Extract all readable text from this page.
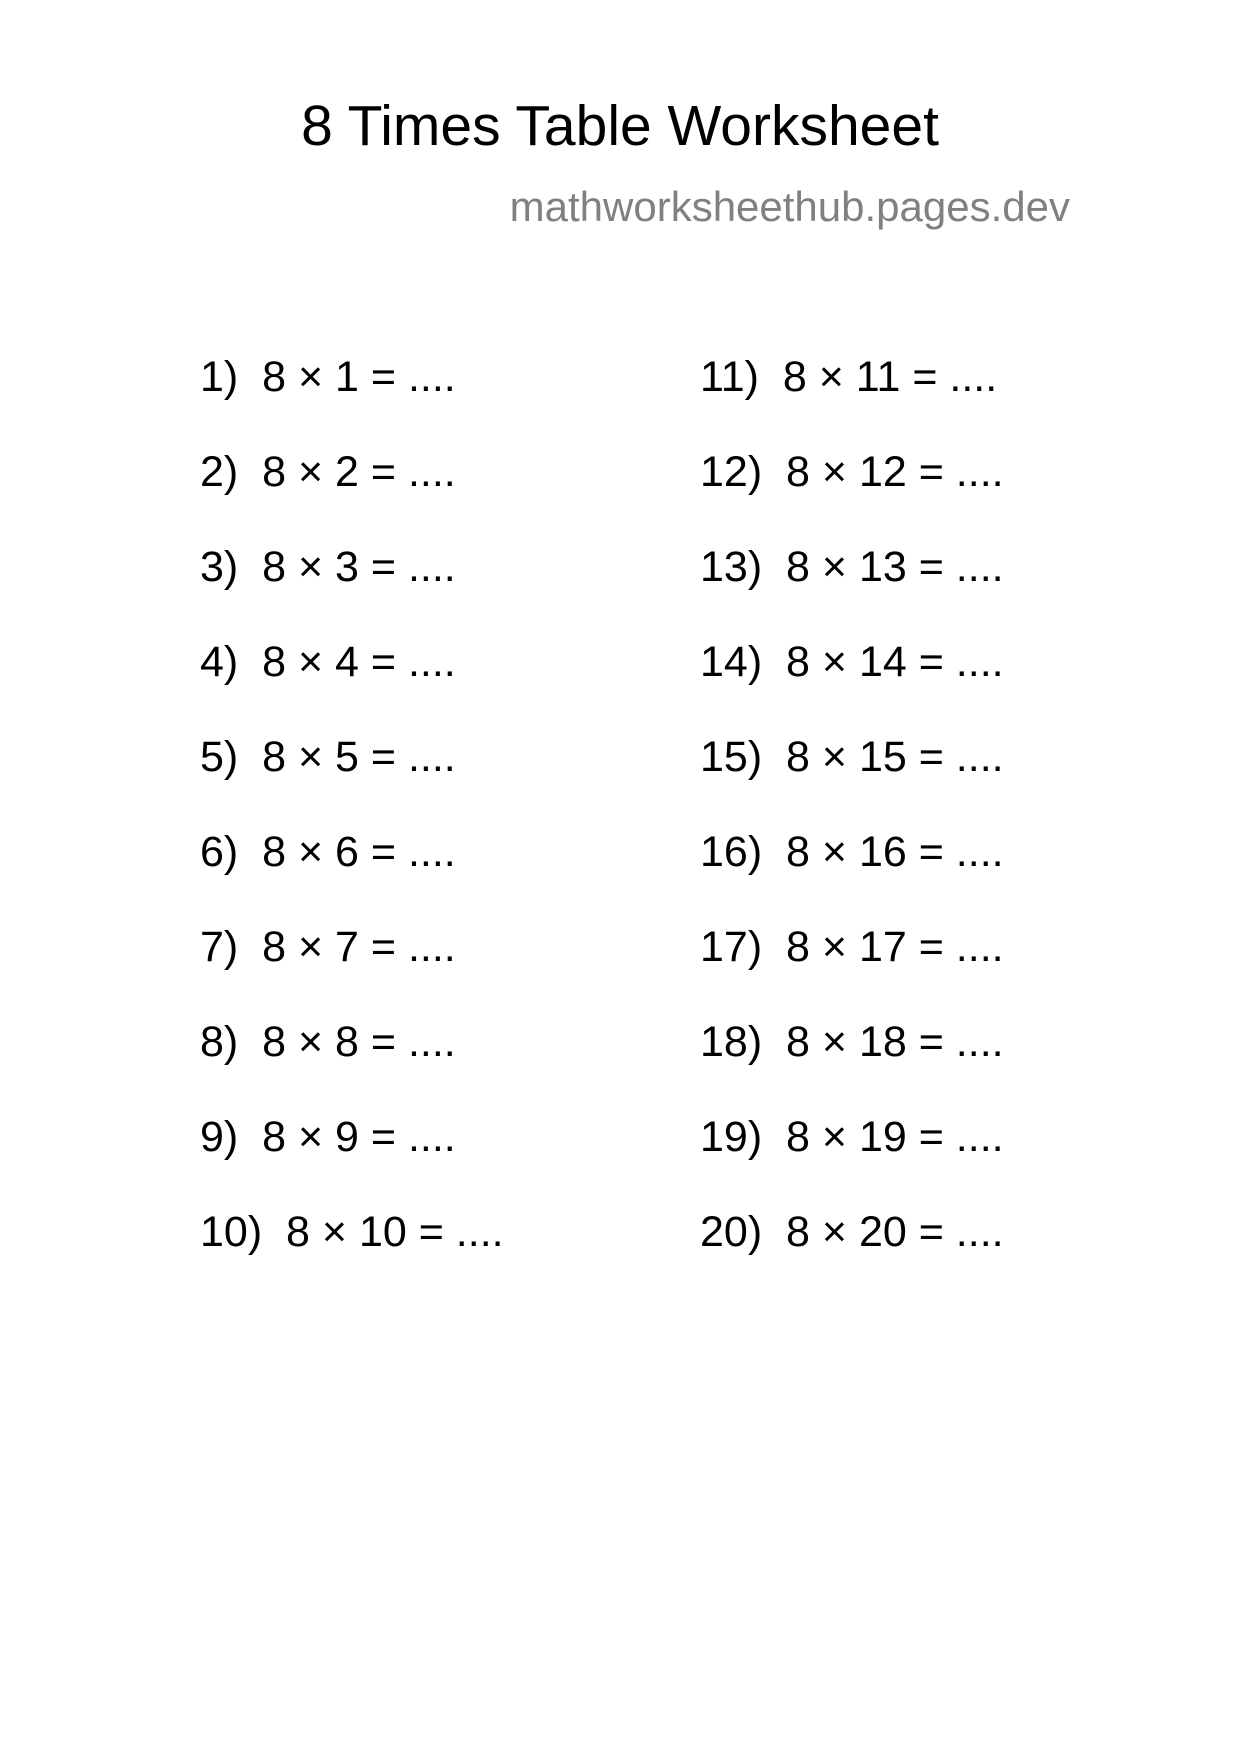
8 Times Table Worksheet
mathworksheethub.pages.dev
1)  8 × 1 = ....
2)  8 × 2 = ....
3)  8 × 3 = ....
4)  8 × 4 = ....
5)  8 × 5 = ....
6)  8 × 6 = ....
7)  8 × 7 = ....
8)  8 × 8 = ....
9)  8 × 9 = ....
10)  8 × 10 = ....
11)  8 × 11 = ....
12)  8 × 12 = ....
13)  8 × 13 = ....
14)  8 × 14 = ....
15)  8 × 15 = ....
16)  8 × 16 = ....
17)  8 × 17 = ....
18)  8 × 18 = ....
19)  8 × 19 = ....
20)  8 × 20 = ....
